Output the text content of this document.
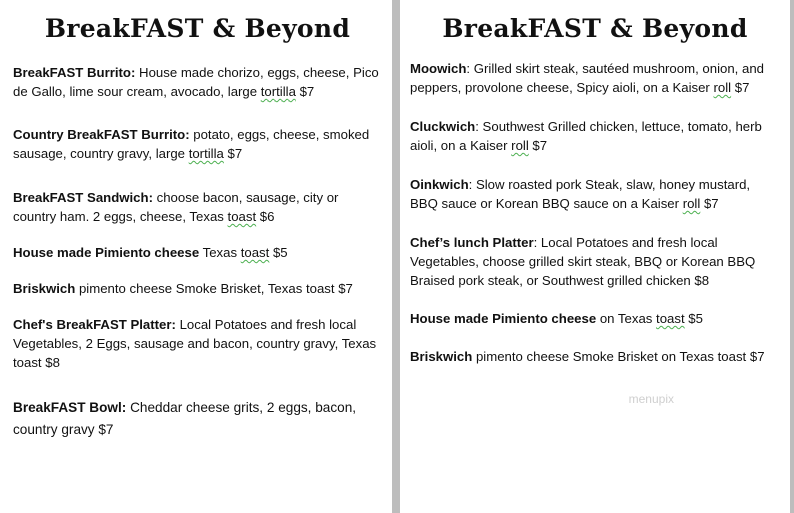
BreakFAST & Beyond

BreakFAST Burrito: House made chorizo, eggs, cheese, Pico de Gallo, lime sour cream, avocado, large tortilla $7

Country BreakFAST Burrito: potato, eggs, cheese, smoked sausage, country gravy, large tortilla $7

BreakFAST Sandwich: choose bacon, sausage, city or country ham. 2 eggs, cheese, Texas toast $6

House made Pimiento cheese Texas toast $5

Briskwich pimento cheese Smoke Brisket, Texas toast $7

Chef's BreakFAST Platter: Local Potatoes and fresh local Vegetables, 2 Eggs, sausage and bacon, country gravy, Texas toast $8

BreakFAST Bowl: Cheddar cheese grits, 2 eggs, bacon, country gravy $7

BreakFAST & Beyond

Moowich: Grilled skirt steak, sautéed mushroom, onion, and peppers, provolone cheese, Spicy aioli, on a Kaiser roll $7

Cluckwich: Southwest Grilled chicken, lettuce, tomato, herb aioli, on a Kaiser roll $7

Oinkwich: Slow roasted pork Steak, slaw, honey mustard, BBQ sauce or Korean BBQ sauce on a Kaiser roll $7

Chef’s lunch Platter: Local Potatoes and fresh local Vegetables, choose grilled skirt steak, BBQ or Korean BBQ Braised pork steak, or Southwest grilled chicken $8

House made Pimiento cheese on Texas toast $5

Briskwich pimento cheese Smoke Brisket on Texas toast $7

menupix
